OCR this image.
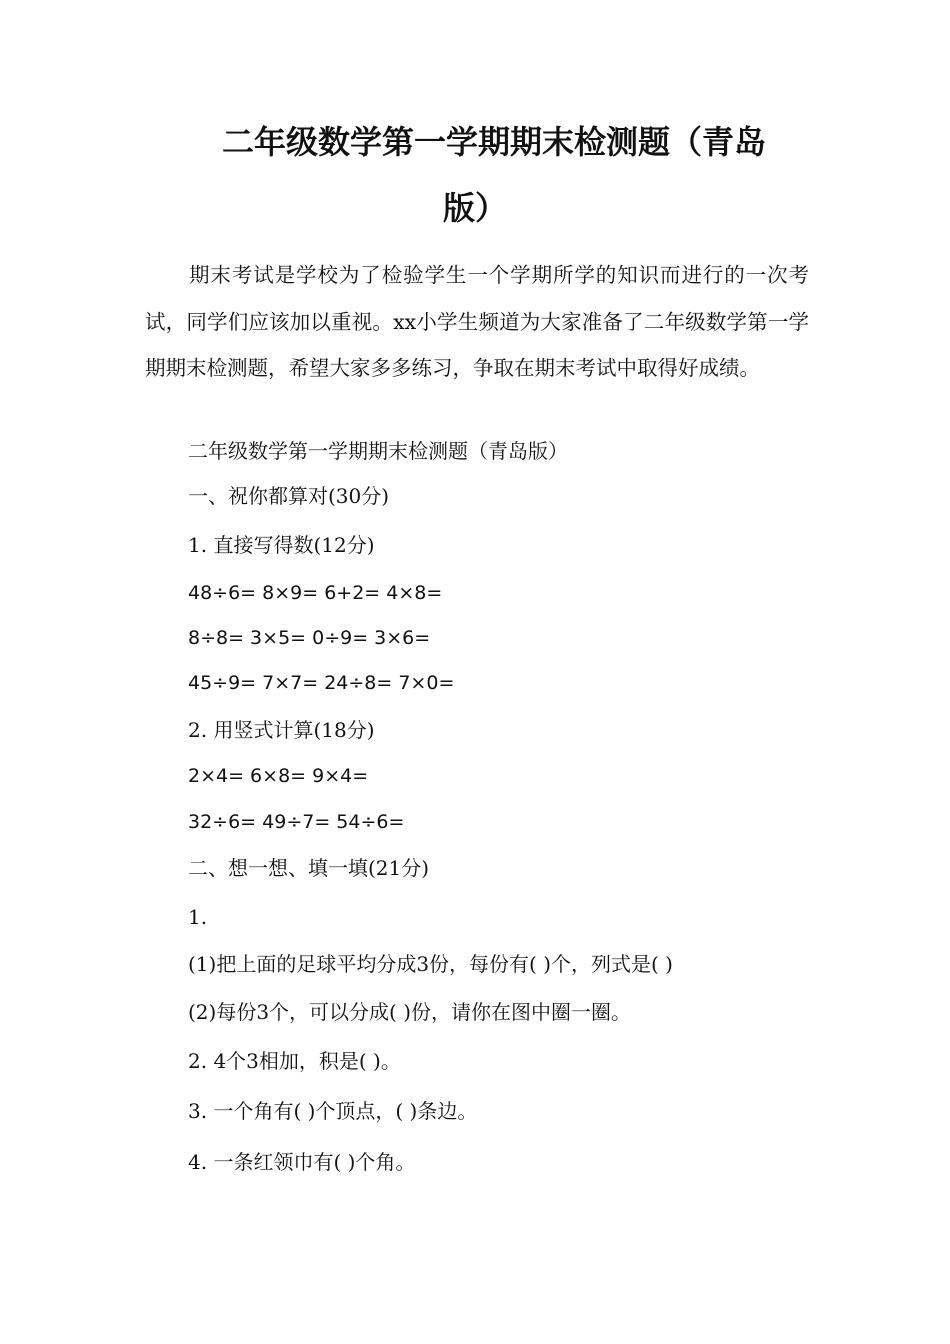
二年级数学第一学期期末检测题（青岛
版）

期末考试是学校为了检验学生一个学期所学的知识而进行的一次考试，同学们应该加以重视。xx小学生频道为大家准备了二年级数学第一学期期末检测题，希望大家多多练习，争取在期末考试中取得好成绩。

二年级数学第一学期期末检测题（青岛版）

一、祝你都算对(30分)

1. 直接写得数(12分)

48÷6= 8×9= 6+2= 4×8=

8÷8= 3×5= 0÷9= 3×6=

45÷9= 7×7= 24÷8= 7×0=

2. 用竖式计算(18分)

2×4= 6×8= 9×4=

32÷6= 49÷7= 54÷6=

二、想一想、填一填(21分)

1.

(1)把上面的足球平均分成3份，每份有( )个，列式是( )

(2)每份3个，可以分成( )份，请你在图中圈一圈。

2. 4个3相加，积是( )。

3. 一个角有( )个顶点，( )条边。

4. 一条红领巾有( )个角。
